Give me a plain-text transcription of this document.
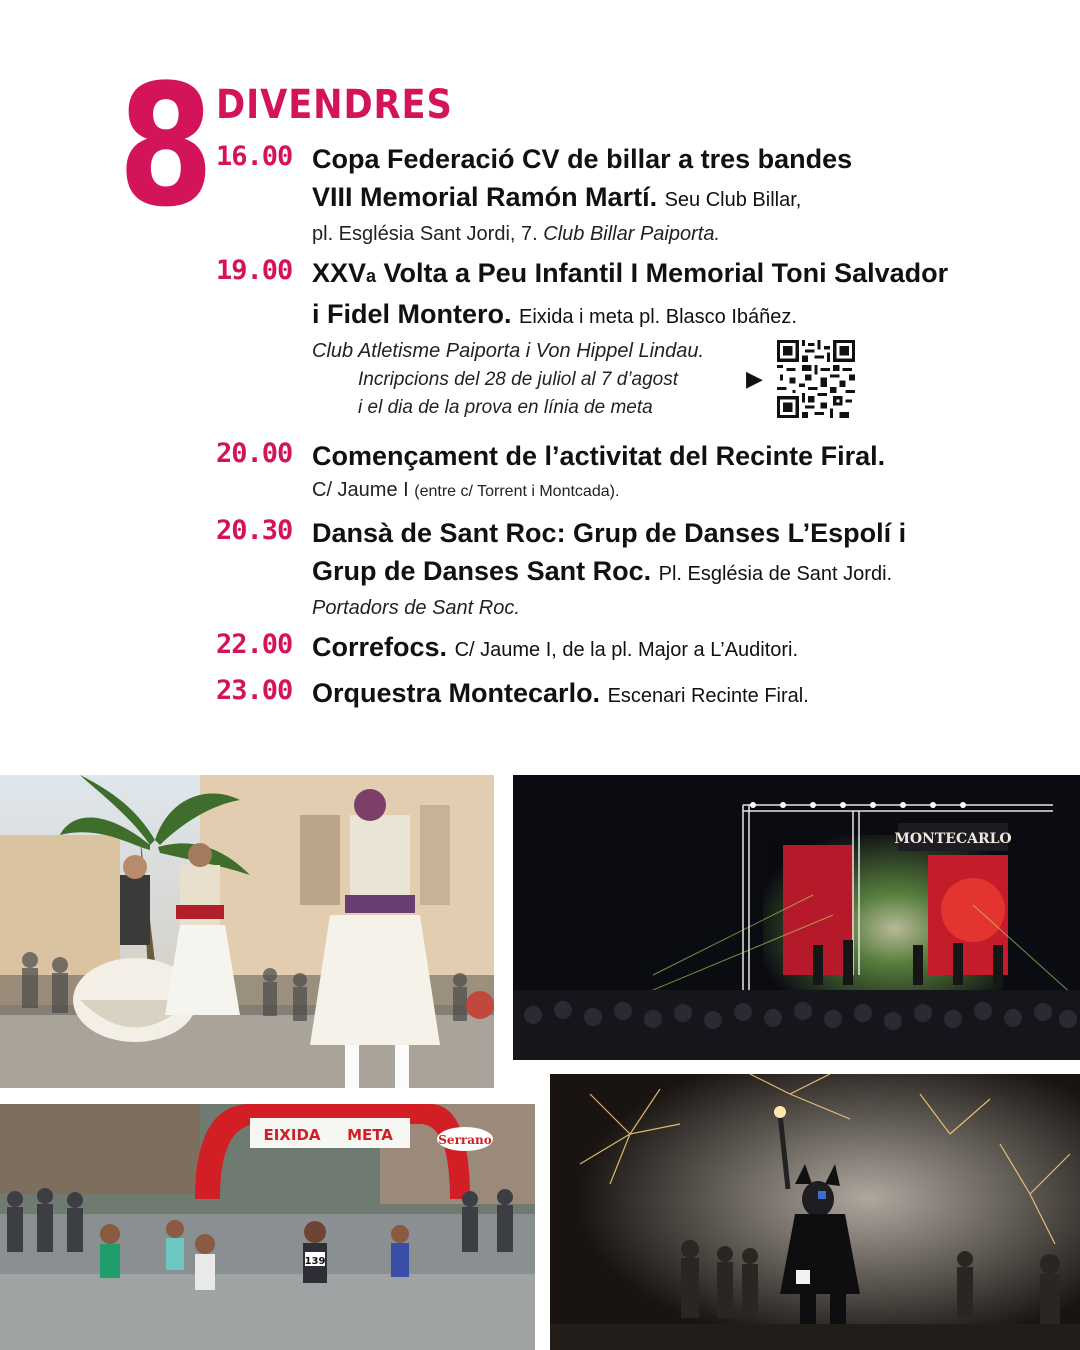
8 DIVENDRES
16.00 Copa Federació CV de billar a tres bandes
VIII Memorial Ramón Martí. Seu Club Billar,
pl. Església Sant Jordi, 7. Club Billar Paiporta.
19.00 XXVa Volta a Peu Infantil I Memorial Toni Salvador
i Fidel Montero. Eixida i meta pl. Blasco Ibáñez.
Club Atletisme Paiporta i Von Hippel Lindau.
Incripcions del 28 de juliol al 7 d’agost
i el dia de la prova en línia de meta
▶
20.00 Començament de l’activitat del Recinte Firal.
C/ Jaume I (entre c/ Torrent i Montcada).
20.30 Dansà de Sant Roc: Grup de Danses L’Espolí i
Grup de Danses Sant Roc. Pl. Església de Sant Jordi.
Portadors de Sant Roc.
22.00 Correfocs. C/ Jaume I, de la pl. Major a L’Auditori.
23.00 Orquestra Montecarlo. Escenari Recinte Firal.
MONTECARLO
EIXIDA META	Serrano
139
